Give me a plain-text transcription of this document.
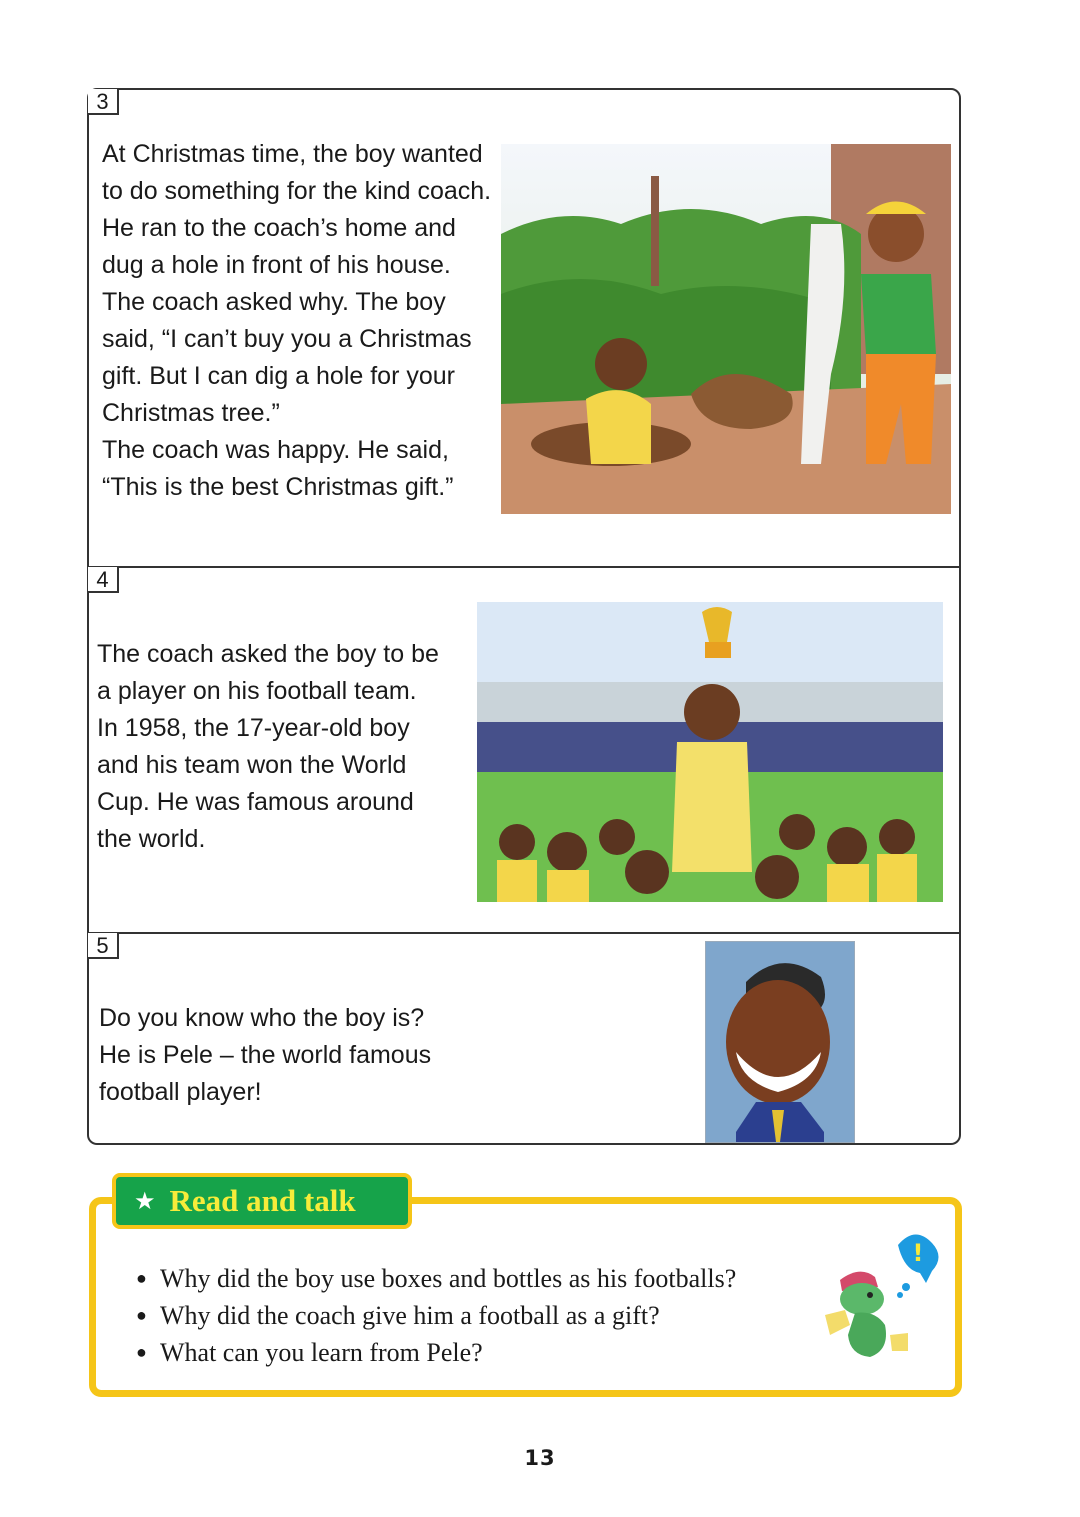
3
At Christmas time, the boy wanted
to do something for the kind coach.
He ran to the coach’s home and
dug a hole in front of his house.
The coach asked why. The boy
said, “I can’t buy you a Christmas
gift. But I can dig a hole for your
Christmas tree.”
The coach was happy. He said,
“This is the best Christmas gift.”
4
The coach asked the boy to be
a player on his football team.
In 1958, the 17-year-old boy
and his team won the World
Cup. He was famous around
the world.
5
Do you know who the boy is?
He is Pele – the world famous
football player!
★ Read and talk
● Why did the boy use boxes and bottles as his footballs?
● Why did the coach give him a football as a gift?
● What can you learn from Pele?
!
13
